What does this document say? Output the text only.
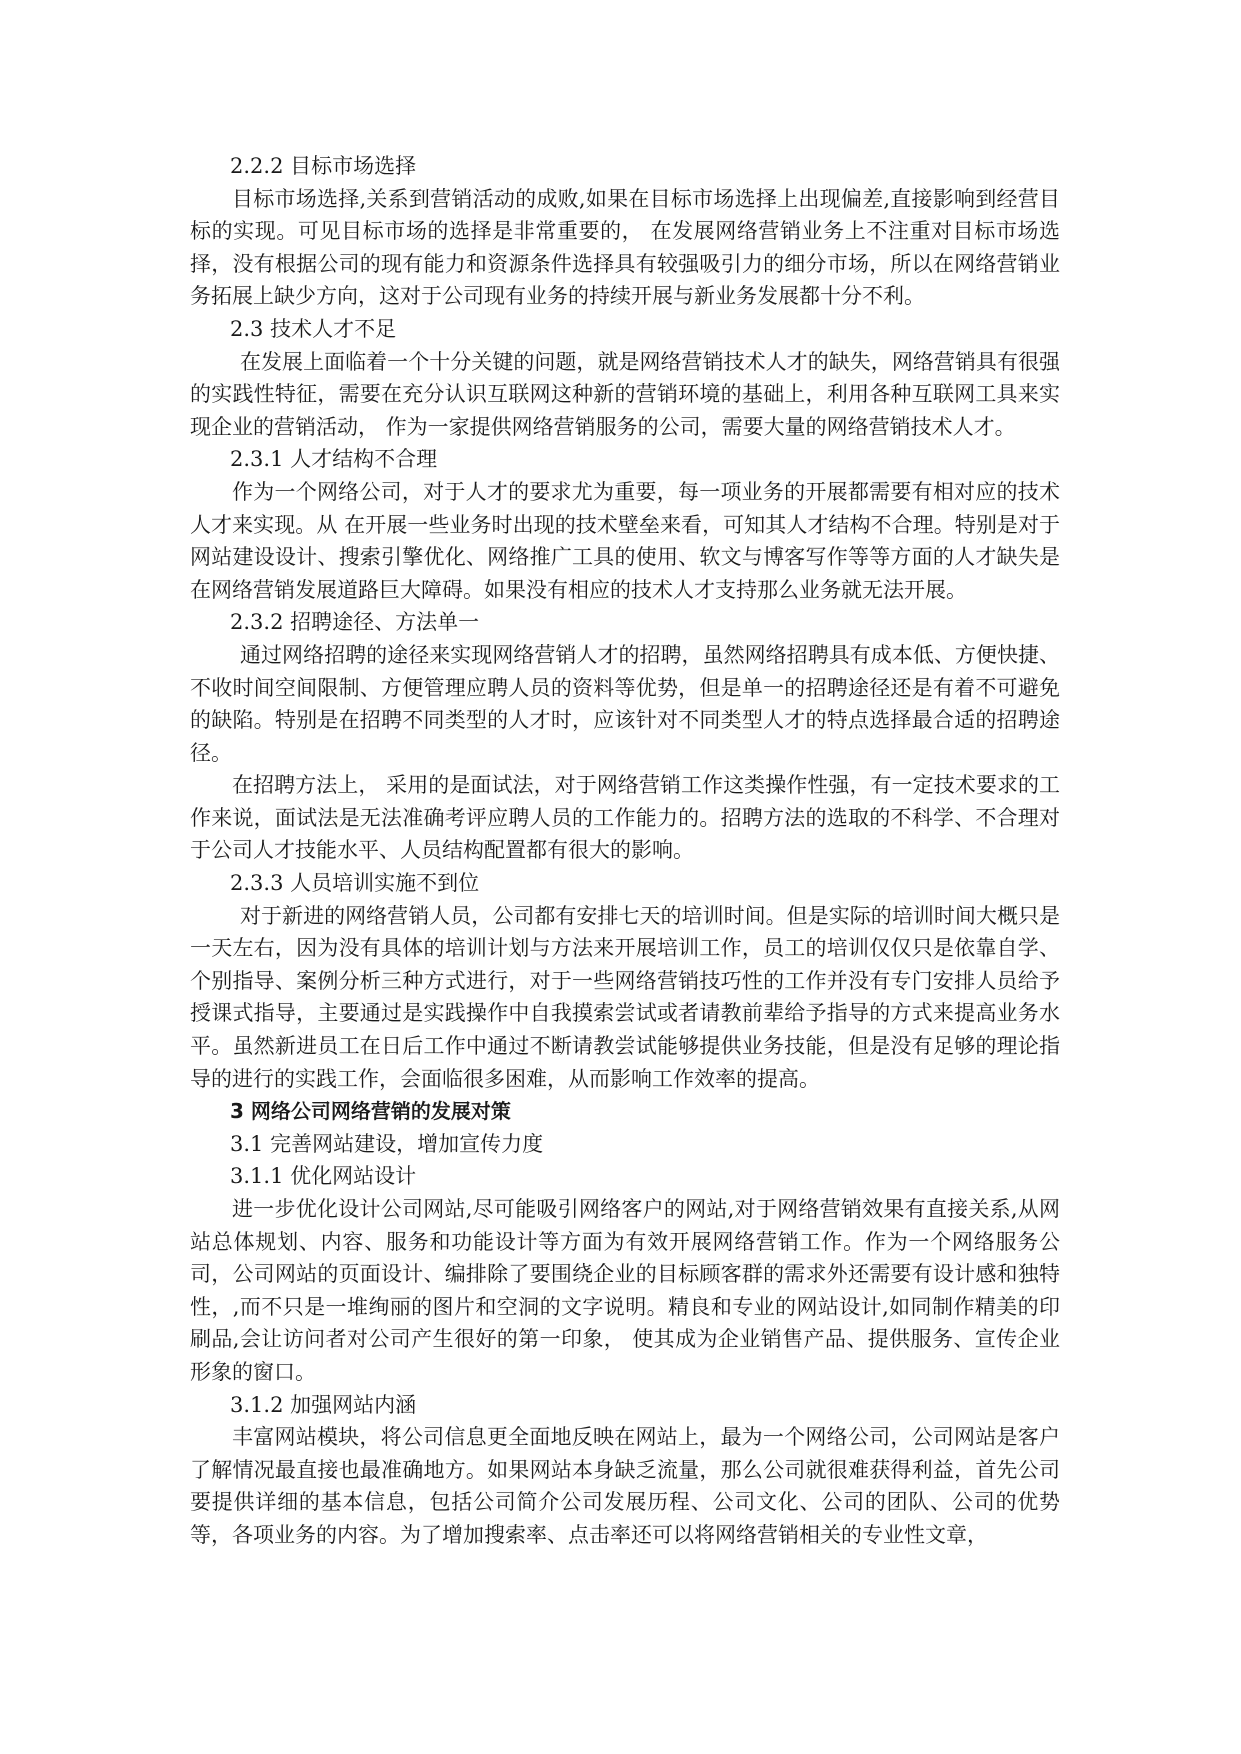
2.2.2 目标市场选择

目标市场选择,关系到营销活动的成败,如果在目标市场选择上出现偏差,直接影响到经营目标的实现。可见目标市场的选择是非常重要的， 在发展网络营销业务上不注重对目标市场选择，没有根据公司的现有能力和资源条件选择具有较强吸引力的细分市场，所以在网络营销业务拓展上缺少方向，这对于公司现有业务的持续开展与新业务发展都十分不利。

2.3 技术人才不足

在发展上面临着一个十分关键的问题，就是网络营销技术人才的缺失，网络营销具有很强的实践性特征，需要在充分认识互联网这种新的营销环境的基础上，利用各种互联网工具来实现企业的营销活动， 作为一家提供网络营销服务的公司，需要大量的网络营销技术人才。

2.3.1 人才结构不合理

作为一个网络公司，对于人才的要求尤为重要，每一项业务的开展都需要有相对应的技术人才来实现。从 在开展一些业务时出现的技术壁垒来看，可知其人才结构不合理。特别是对于网站建设设计、搜索引擎优化、网络推广工具的使用、软文与博客写作等等方面的人才缺失是 在网络营销发展道路巨大障碍。如果没有相应的技术人才支持那么业务就无法开展。

2.3.2 招聘途径、方法单一

通过网络招聘的途径来实现网络营销人才的招聘，虽然网络招聘具有成本低、方便快捷、不收时间空间限制、方便管理应聘人员的资料等优势，但是单一的招聘途径还是有着不可避免的缺陷。特别是在招聘不同类型的人才时，应该针对不同类型人才的特点选择最合适的招聘途径。

在招聘方法上， 采用的是面试法，对于网络营销工作这类操作性强，有一定技术要求的工作来说，面试法是无法准确考评应聘人员的工作能力的。招聘方法的选取的不科学、不合理对于公司人才技能水平、人员结构配置都有很大的影响。

2.3.3 人员培训实施不到位

对于新进的网络营销人员，公司都有安排七天的培训时间。但是实际的培训时间大概只是一天左右，因为没有具体的培训计划与方法来开展培训工作，员工的培训仅仅只是依靠自学、个别指导、案例分析三种方式进行，对于一些网络营销技巧性的工作并没有专门安排人员给予授课式指导，主要通过是实践操作中自我摸索尝试或者请教前辈给予指导的方式来提高业务水平。虽然新进员工在日后工作中通过不断请教尝试能够提供业务技能，但是没有足够的理论指导的进行的实践工作，会面临很多困难，从而影响工作效率的提高。

3 网络公司网络营销的发展对策

3.1 完善网站建设，增加宣传力度

3.1.1 优化网站设计

进一步优化设计公司网站,尽可能吸引网络客户的网站,对于网络营销效果有直接关系,从网站总体规划、内容、服务和功能设计等方面为有效开展网络营销工作。作为一个网络服务公司，公司网站的页面设计、编排除了要围绕企业的目标顾客群的需求外还需要有设计感和独特性，,而不只是一堆绚丽的图片和空洞的文字说明。精良和专业的网站设计,如同制作精美的印刷品,会让访问者对公司产生很好的第一印象， 使其成为企业销售产品、提供服务、宣传企业形象的窗口。

3.1.2 加强网站内涵

丰富网站模块，将公司信息更全面地反映在网站上，最为一个网络公司，公司网站是客户了解情况最直接也最准确地方。如果网站本身缺乏流量，那么公司就很难获得利益，首先公司要提供详细的基本信息，包括公司简介公司发展历程、公司文化、公司的团队、公司的优势等，各项业务的内容。为了增加搜索率、点击率还可以将网络营销相关的专业性文章，
